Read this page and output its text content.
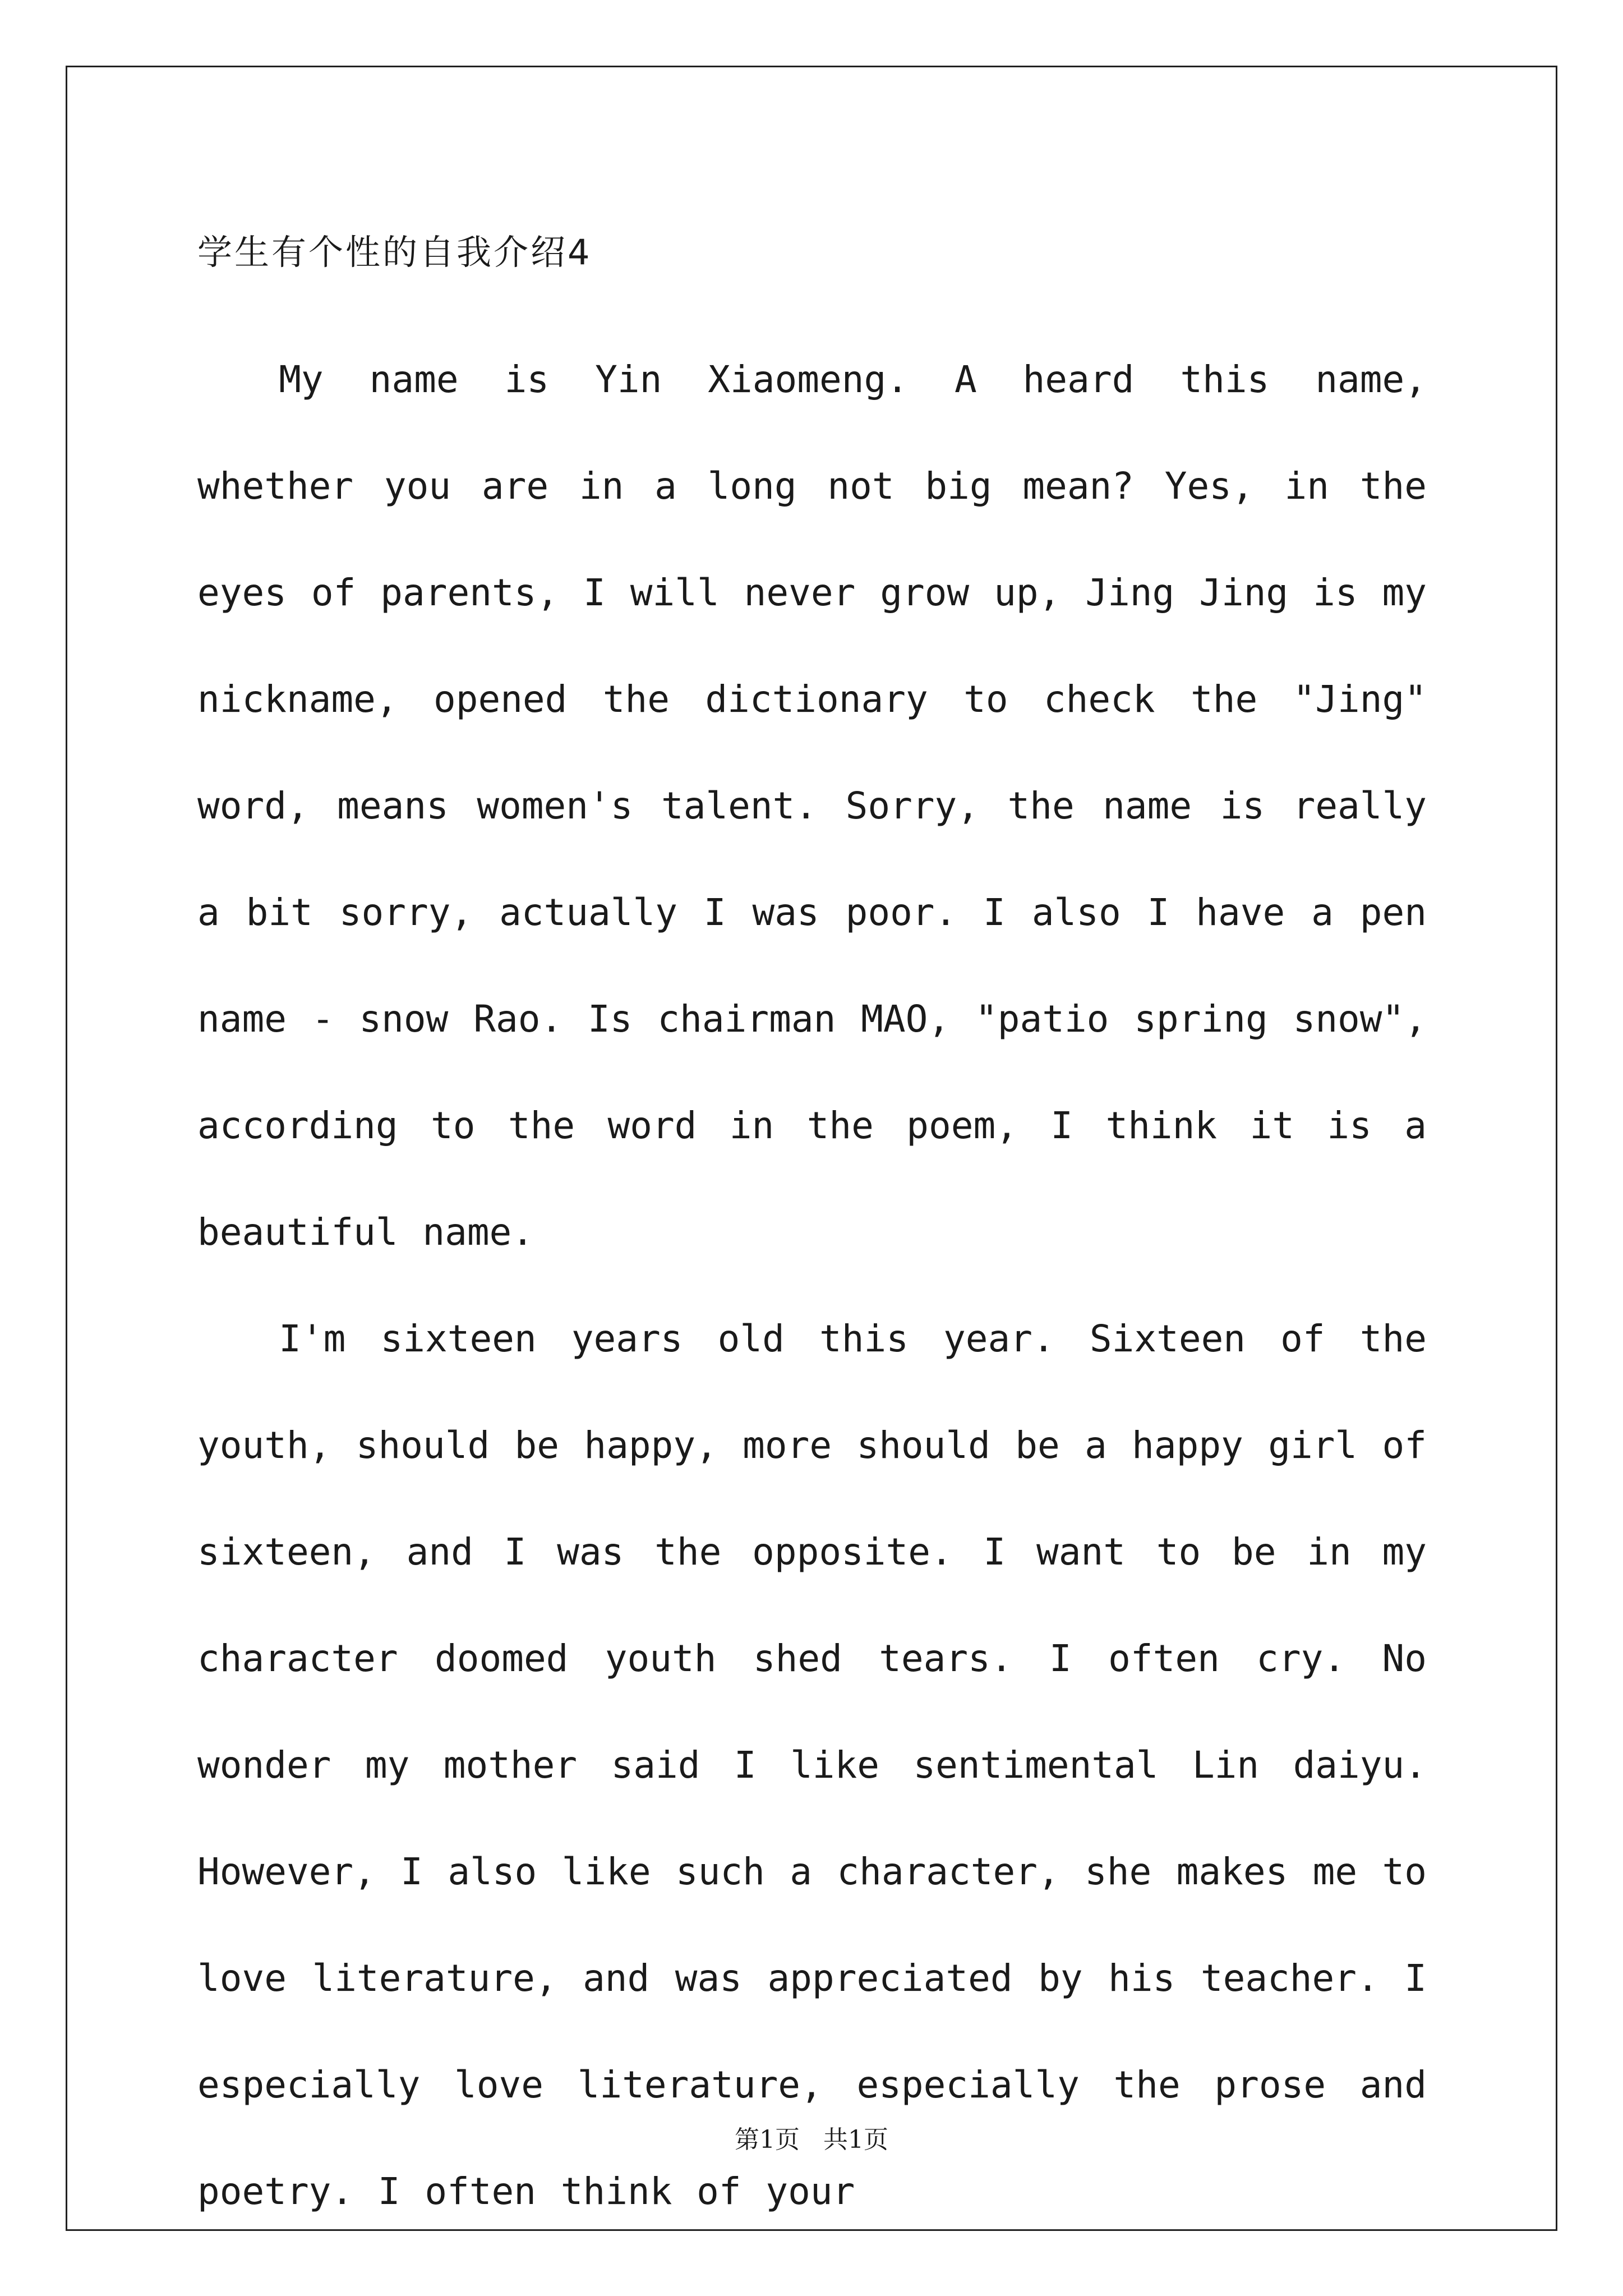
学生有个性的自我介绍4

My name is Yin Xiaomeng. A heard this name, whether you are in a long not big mean? Yes, in the eyes of parents, I will never grow up, Jing Jing is my nickname, opened the dictionary to check the "Jing" word, means women's talent. Sorry, the name is really a bit sorry, actually I was poor. I also I have a pen name - snow Rao. Is chairman MAO, "patio spring snow", according to the word in the poem, I think it is a beautiful name.

I'm sixteen years old this year. Sixteen of the youth, should be happy, more should be a happy girl of sixteen, and I was the opposite. I want to be in my character doomed youth shed tears. I often cry. No wonder my mother said I like sentimental Lin daiyu. However, I also like such a character, she makes me to love literature, and was appreciated by his teacher. I especially love literature, especially the prose and poetry. I often think of your

第1页   共1页
